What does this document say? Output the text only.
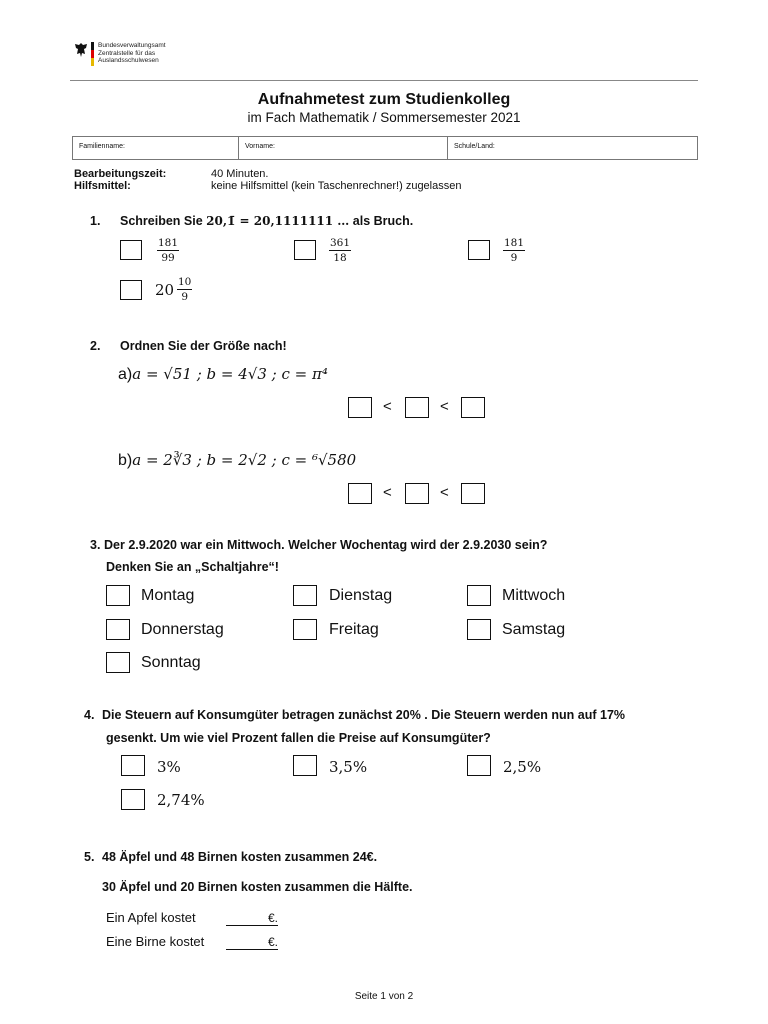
Bundesverwaltungsamt
Zentralstelle für das
Auslandsschulwesen
Aufnahmetest zum Studienkolleg
im Fach Mathematik / Sommersemester 2021
Familienname:	Vorname:	Schule/Land:
Bearbeitungszeit:	40 Minuten.
Hilfsmittel:	keine Hilfsmittel (kein Taschenrechner!) zugelassen
1. Schreiben Sie 20,1̄ = 20,1111111 … als Bruch.
$\frac{181}{99}$	$\frac{361}{18}$	$\frac{181}{9}$
$20 \frac{10}{9}$
2. Ordnen Sie der Größe nach!
a)a = √51 ; b = 4√3 ; c = π⁴
<	<
b)a = 2∛3 ; b = 2√2 ; c = ⁶√580
<	<
3. Der 2.9.2020 war ein Mittwoch. Welcher Wochentag wird der 2.9.2030 sein?
Denken Sie an „Schaltjahre“!
Montag	Dienstag	Mittwoch
Donnerstag	Freitag	Samstag
Sonntag
4. Die Steuern auf Konsumgüter betragen zunächst 20% . Die Steuern werden nun auf 17%
gesenkt. Um wie viel Prozent fallen die Preise auf Konsumgüter?
3%	3,5%	2,5%
2,74%
5. 48 Äpfel und 48 Birnen kosten zusammen 24€.
30 Äpfel und 20 Birnen kosten zusammen die Hälfte.
Ein Apfel kostet	€.
Eine Birne kostet	€.
Seite 1 von 2
